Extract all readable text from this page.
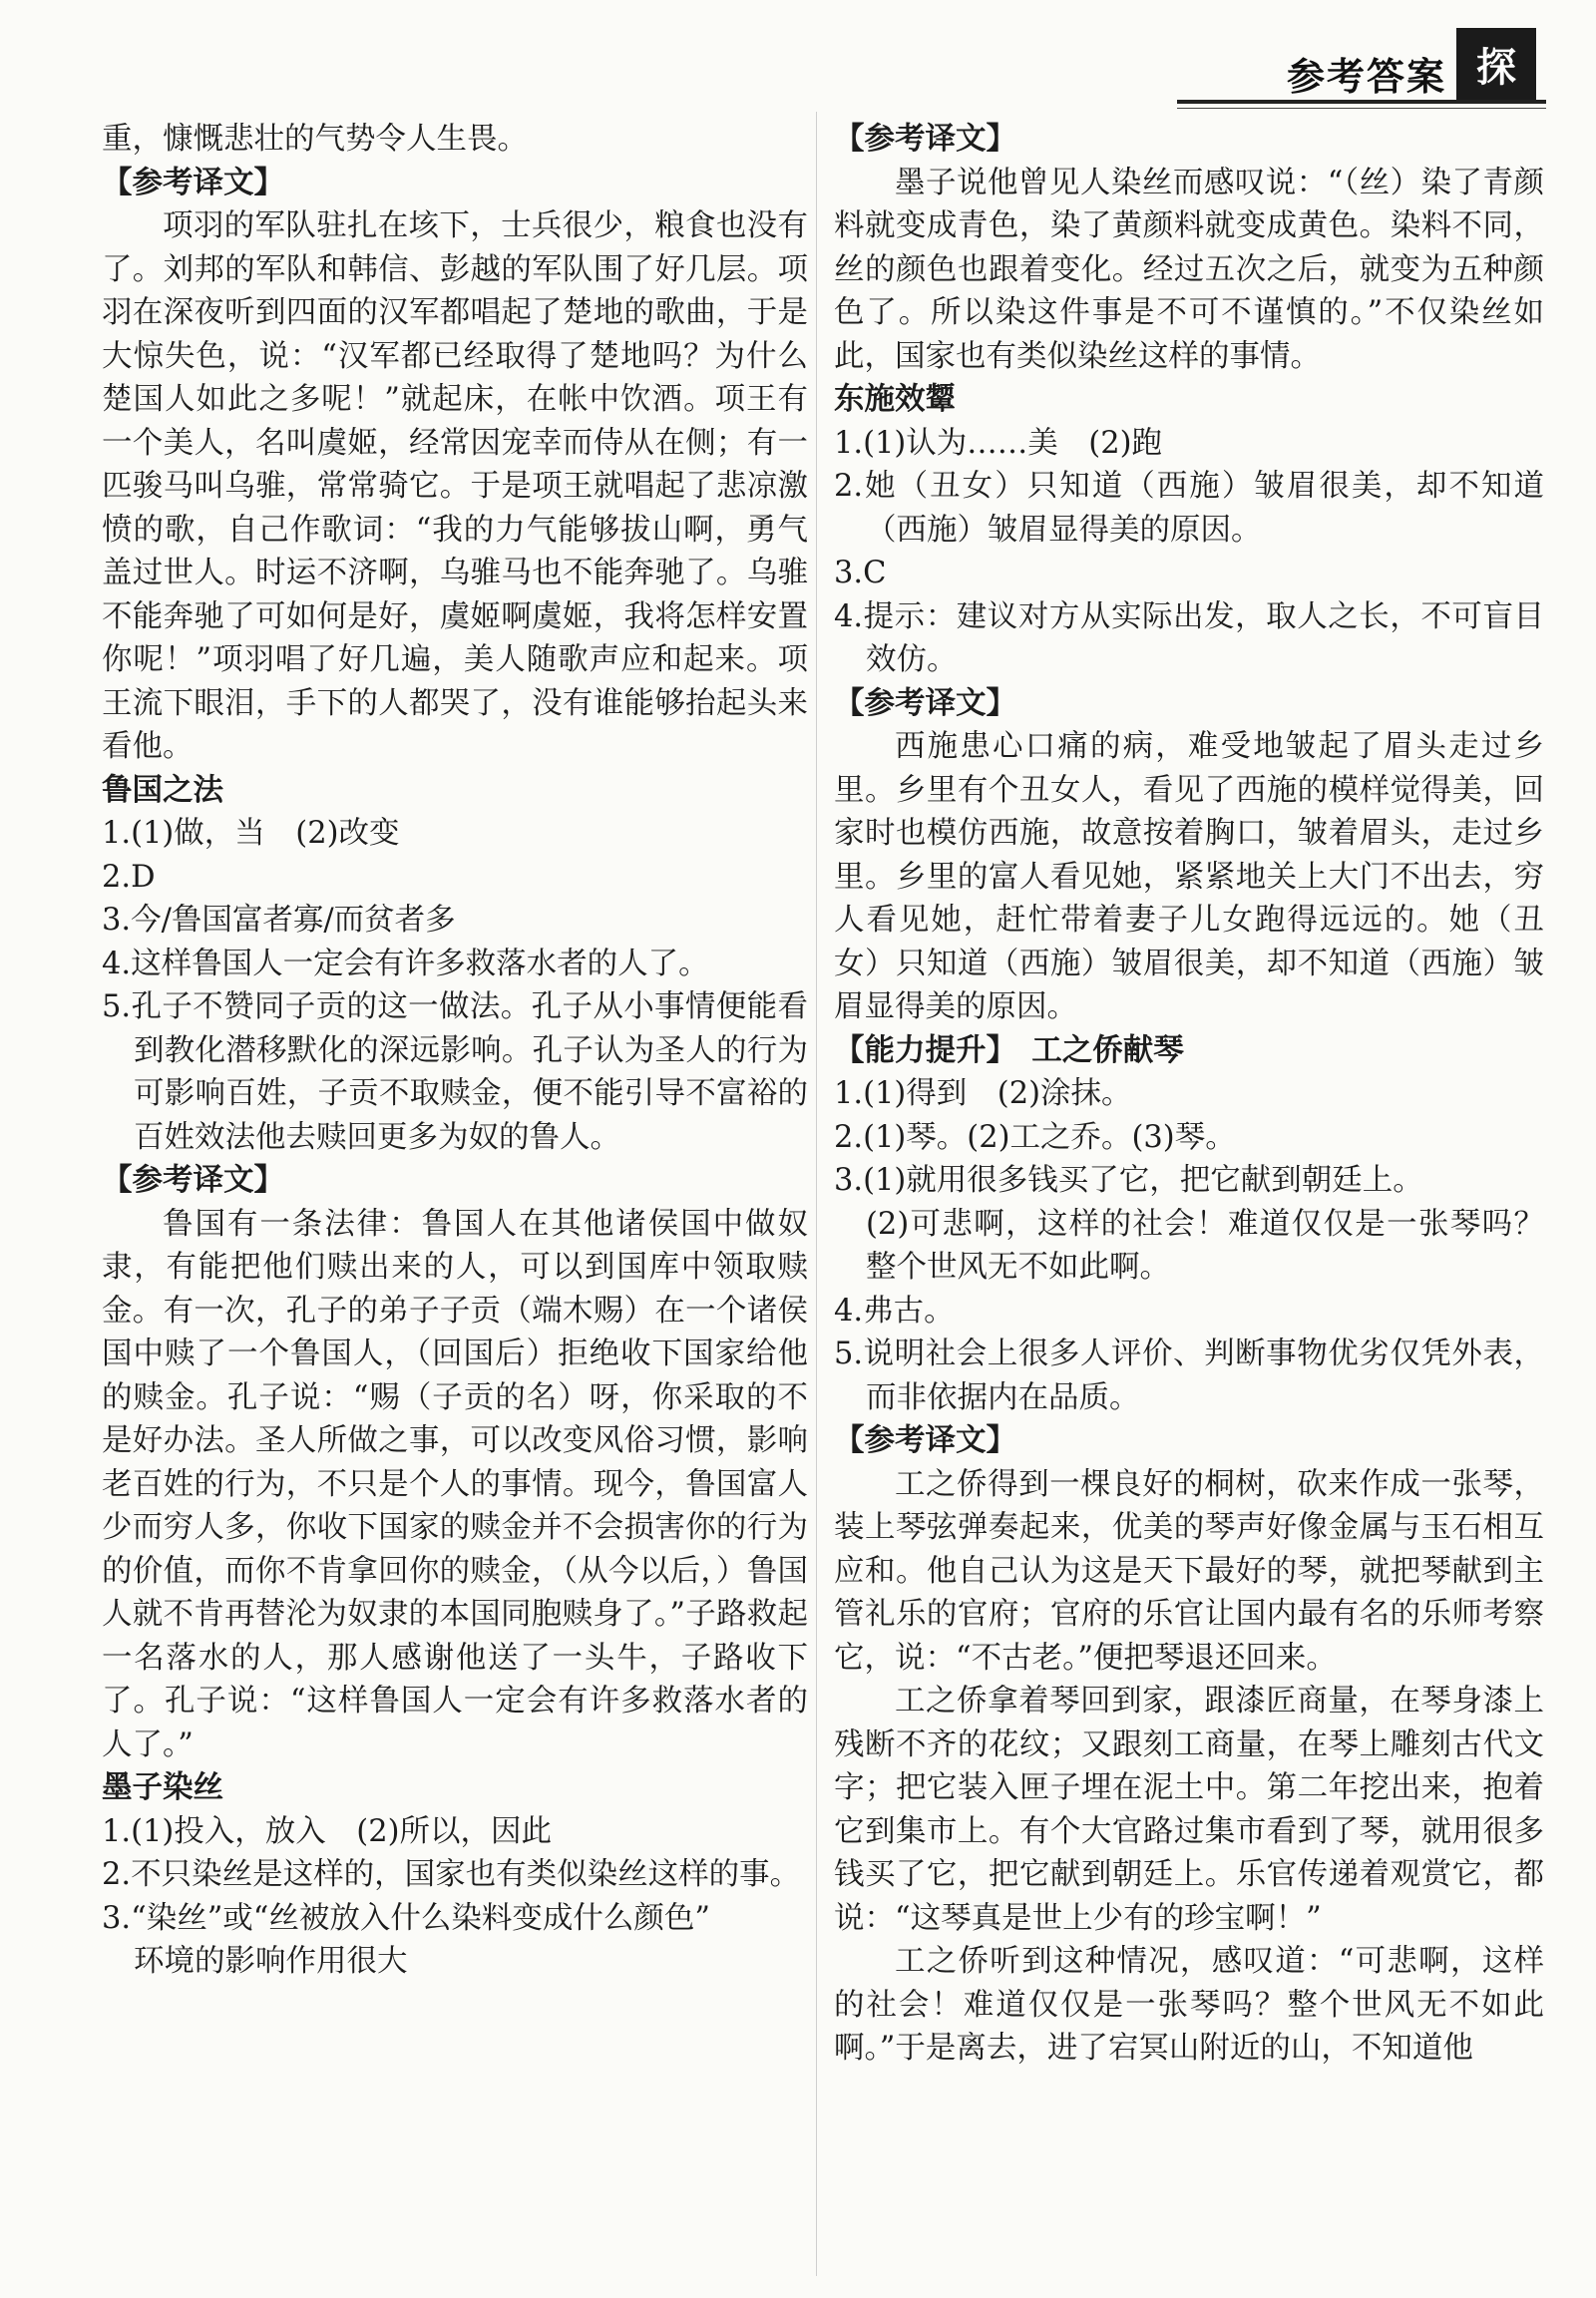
参考答案 探

重，慷慨悲壮的气势令人生畏。

【参考译文】

项羽的军队驻扎在垓下，士兵很少，粮食也没有了。刘邦的军队和韩信、彭越的军队围了好几层。项羽在深夜听到四面的汉军都唱起了楚地的歌曲，于是大惊失色，说：“汉军都已经取得了楚地吗？为什么楚国人如此之多呢！”就起床，在帐中饮酒。项王有一个美人，名叫虞姬，经常因宠幸而侍从在侧；有一匹骏马叫乌骓，常常骑它。于是项王就唱起了悲凉激愤的歌，自己作歌词：“我的力气能够拔山啊，勇气盖过世人。时运不济啊，乌骓马也不能奔驰了。乌骓不能奔驰了可如何是好，虞姬啊虞姬，我将怎样安置你呢！”项羽唱了好几遍，美人随歌声应和起来。项王流下眼泪，手下的人都哭了，没有谁能够抬起头来看他。

鲁国之法

1.(1)做，当　(2)改变

2.D

3.今/鲁国富者寡/而贫者多

4.这样鲁国人一定会有许多救落水者的人了。

5.孔子不赞同子贡的这一做法。孔子从小事情便能看到教化潜移默化的深远影响。孔子认为圣人的行为可影响百姓，子贡不取赎金，便不能引导不富裕的百姓效法他去赎回更多为奴的鲁人。

【参考译文】

鲁国有一条法律：鲁国人在其他诸侯国中做奴隶，有能把他们赎出来的人，可以到国库中领取赎金。有一次，孔子的弟子子贡（端木赐）在一个诸侯国中赎了一个鲁国人，（回国后）拒绝收下国家给他的赎金。孔子说：“赐（子贡的名）呀，你采取的不是好办法。圣人所做之事，可以改变风俗习惯，影响老百姓的行为，不只是个人的事情。现今，鲁国富人少而穷人多，你收下国家的赎金并不会损害你的行为的价值，而你不肯拿回你的赎金，（从今以后，）鲁国人就不肯再替沦为奴隶的本国同胞赎身了。”子路救起一名落水的人，那人感谢他送了一头牛，子路收下了。孔子说：“这样鲁国人一定会有许多救落水者的人了。”

墨子染丝

1.(1)投入，放入　(2)所以，因此

2.不只染丝是这样的，国家也有类似染丝这样的事。

3.“染丝”或“丝被放入什么染料变成什么颜色”

环境的影响作用很大

【参考译文】

墨子说他曾见人染丝而感叹说：“（丝）染了青颜料就变成青色，染了黄颜料就变成黄色。染料不同，丝的颜色也跟着变化。经过五次之后，就变为五种颜色了。所以染这件事是不可不谨慎的。”不仅染丝如此，国家也有类似染丝这样的事情。

东施效颦

1.(1)认为……美　(2)跑

2.她（丑女）只知道（西施）皱眉很美，却不知道（西施）皱眉显得美的原因。

3.C

4.提示：建议对方从实际出发，取人之长，不可盲目效仿。

【参考译文】

西施患心口痛的病，难受地皱起了眉头走过乡里。乡里有个丑女人，看见了西施的模样觉得美，回家时也模仿西施，故意按着胸口，皱着眉头，走过乡里。乡里的富人看见她，紧紧地关上大门不出去，穷人看见她，赶忙带着妻子儿女跑得远远的。她（丑女）只知道（西施）皱眉很美，却不知道（西施）皱眉显得美的原因。

【能力提升】　工之侨献琴

1.(1)得到　(2)涂抹。

2.(1)琴。(2)工之乔。(3)琴。

3.(1)就用很多钱买了它，把它献到朝廷上。

(2)可悲啊，这样的社会！难道仅仅是一张琴吗？整个世风无不如此啊。

4.弗古。

5.说明社会上很多人评价、判断事物优劣仅凭外表，而非依据内在品质。

【参考译文】

工之侨得到一棵良好的桐树，砍来作成一张琴，装上琴弦弹奏起来，优美的琴声好像金属与玉石相互应和。他自己认为这是天下最好的琴，就把琴献到主管礼乐的官府；官府的乐官让国内最有名的乐师考察它，说：“不古老。”便把琴退还回来。

工之侨拿着琴回到家，跟漆匠商量，在琴身漆上残断不齐的花纹；又跟刻工商量，在琴上雕刻古代文字；把它装入匣子埋在泥土中。第二年挖出来，抱着它到集市上。有个大官路过集市看到了琴，就用很多钱买了它，把它献到朝廷上。乐官传递着观赏它，都说：“这琴真是世上少有的珍宝啊！”

工之侨听到这种情况，感叹道：“可悲啊，这样的社会！难道仅仅是一张琴吗？整个世风无不如此啊。”于是离去，进了宕冥山附近的山，不知道他
